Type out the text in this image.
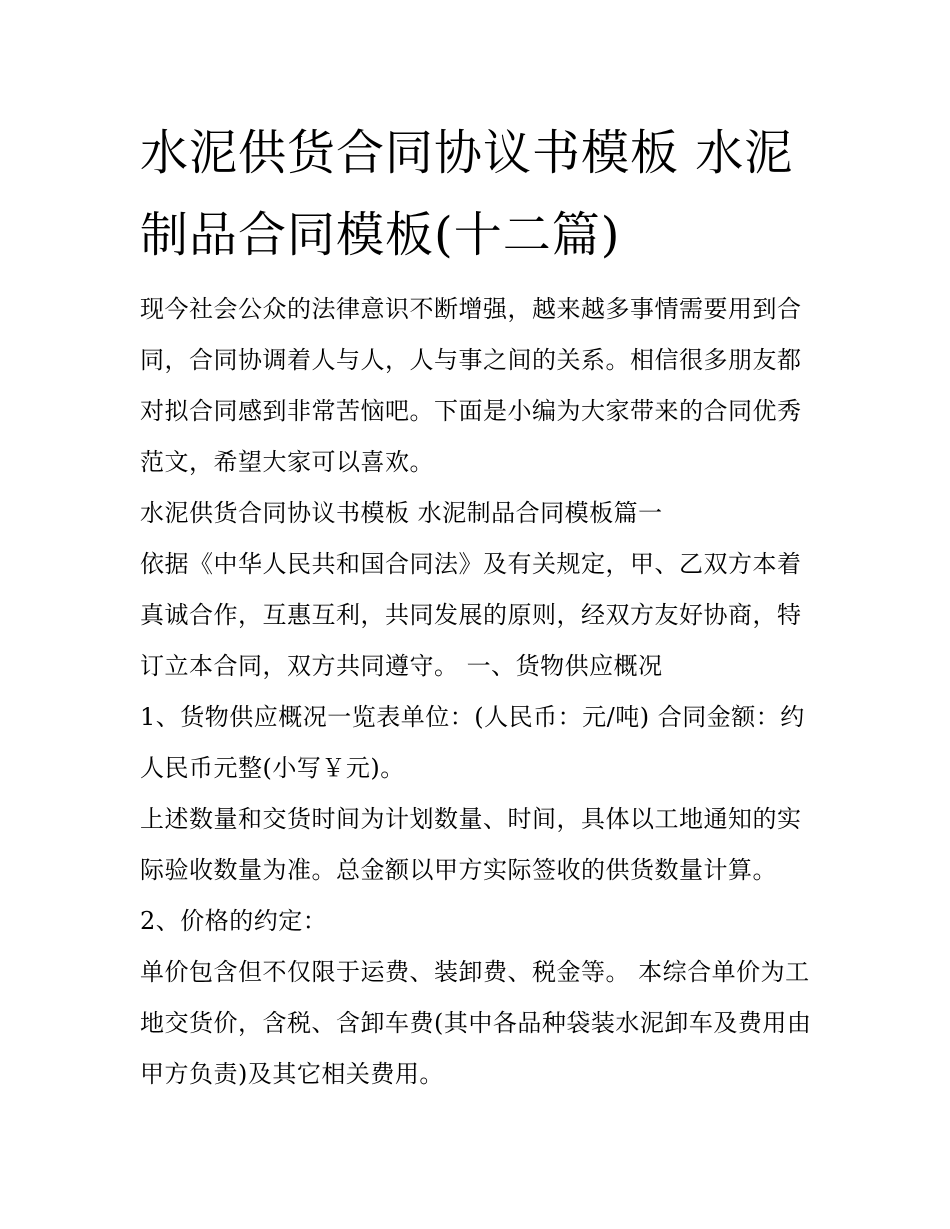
水泥供货合同协议书模板 水泥制品合同模板(十二篇)

现今社会公众的法律意识不断增强，越来越多事情需要用到合同，合同协调着人与人，人与事之间的关系。相信很多朋友都对拟合同感到非常苦恼吧。下面是小编为大家带来的合同优秀范文，希望大家可以喜欢。

水泥供货合同协议书模板 水泥制品合同模板篇一

依据《中华人民共和国合同法》及有关规定，甲、乙双方本着真诚合作，互惠互利，共同发展的原则，经双方友好协商，特订立本合同，双方共同遵守。 一、货物供应概况

1、货物供应概况一览表单位：(人民币：元/吨) 合同金额：约人民币元整(小写￥元)。

上述数量和交货时间为计划数量、时间，具体以工地通知的实际验收数量为准。总金额以甲方实际签收的供货数量计算。

2、价格的约定：

单价包含但不仅限于运费、装卸费、税金等。 本综合单价为工地交货价，含税、含卸车费(其中各品种袋装水泥卸车及费用由甲方负责)及其它相关费用。
